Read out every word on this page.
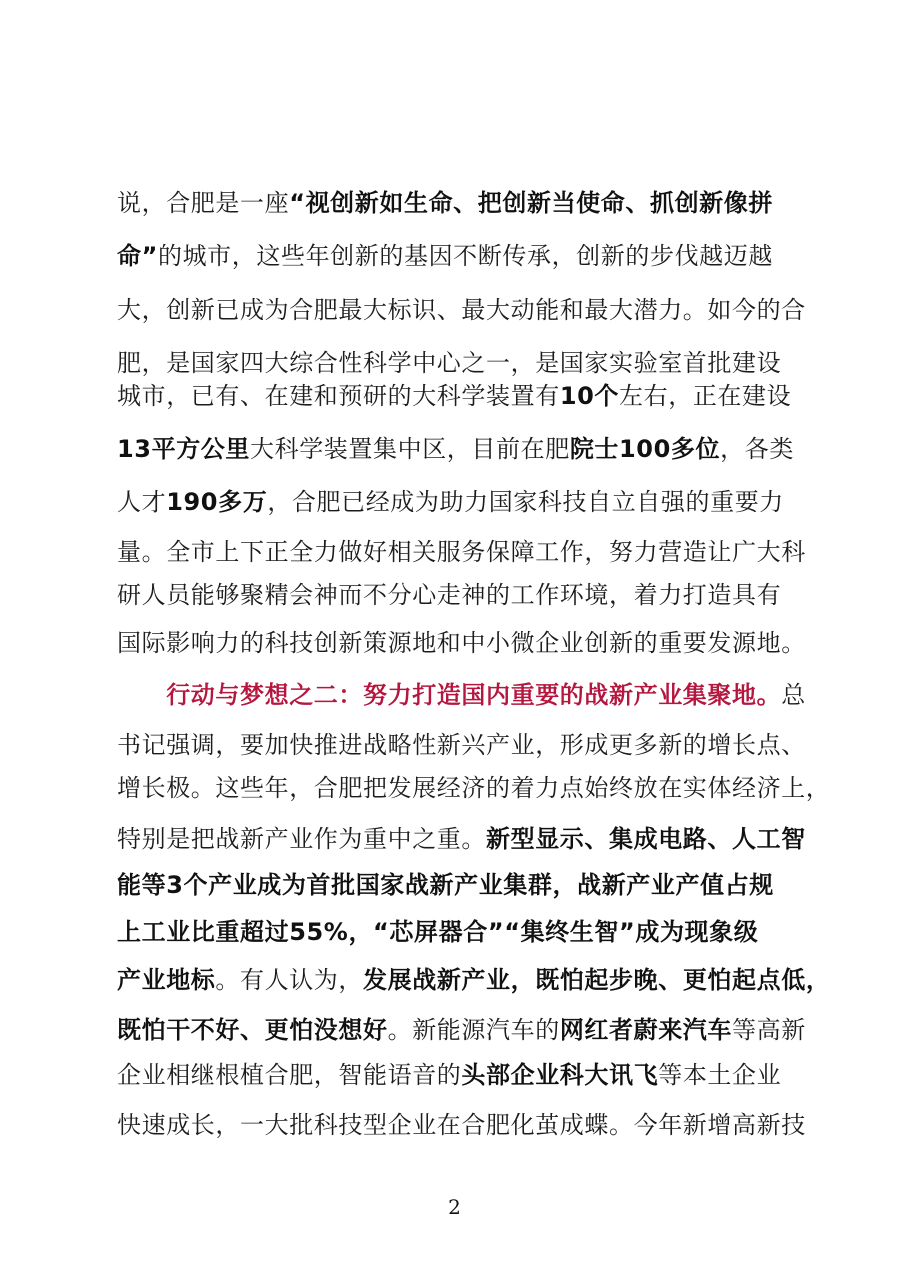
说，合肥是一座“视创新如生命、把创新当使命、抓创新像拼
命”的城市，这些年创新的基因不断传承，创新的步伐越迈越
大，创新已成为合肥最大标识、最大动能和最大潜力。如今的合
肥，是国家四大综合性科学中心之一，是国家实验室首批建设
城市，已有、在建和预研的大科学装置有10个左右，正在建设
13平方公里大科学装置集中区，目前在肥院士100多位，各类
人才190多万，合肥已经成为助力国家科技自立自强的重要力
量。全市上下正全力做好相关服务保障工作，努力营造让广大科
研人员能够聚精会神而不分心走神的工作环境，着力打造具有
国际影响力的科技创新策源地和中小微企业创新的重要发源地。
　　行动与梦想之二：努力打造国内重要的战新产业集聚地。总
书记强调，要加快推进战略性新兴产业，形成更多新的增长点、
增长极。这些年，合肥把发展经济的着力点始终放在实体经济上，
特别是把战新产业作为重中之重。新型显示、集成电路、人工智
能等3个产业成为首批国家战新产业集群，战新产业产值占规
上工业比重超过55%，“芯屏器合”“集终生智”成为现象级
产业地标。有人认为，发展战新产业，既怕起步晚、更怕起点低，
既怕干不好、更怕没想好。新能源汽车的网红者蔚来汽车等高新
企业相继根植合肥，智能语音的头部企业科大讯飞等本土企业
快速成长，一大批科技型企业在合肥化茧成蝶。今年新增高新技
2
